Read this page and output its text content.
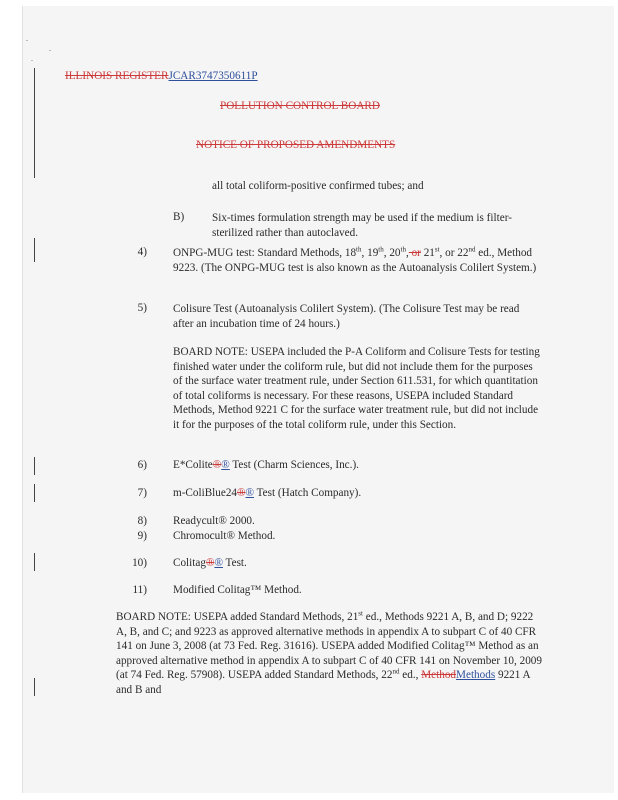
ILLINOIS REGISTERJCAR3747350611P
POLLUTION CONTROL BOARD
NOTICE OF PROPOSED AMENDMENTS
all total coliform-positive confirmed tubes; and
B) Six-times formulation strength may be used if the medium is filter-sterilized rather than autoclaved.
4) ONPG-MUG test: Standard Methods, 18th, 19th, 20th, or 21st, or 22nd ed., Method 9223. (The ONPG-MUG test is also known as the Autoanalysis Colilert System.)
5) Colisure Test (Autoanalysis Colilert System). (The Colisure Test may be read after an incubation time of 24 hours.)
BOARD NOTE: USEPA included the P-A Coliform and Colisure Tests for testing finished water under the coliform rule, but did not include them for the purposes of the surface water treatment rule, under Section 611.531, for which quantitation of total coliforms is necessary. For these reasons, USEPA included Standard Methods, Method 9221 C for the surface water treatment rule, but did not include it for the purposes of the total coliform rule, under this Section.
6) E*Colite®® Test (Charm Sciences, Inc.).
7) m-ColiBlue24®® Test (Hatch Company).
8) Readycult® 2000.
9) Chromocult® Method.
10) Colitag®® Test.
11) Modified Colitag™ Method.
BOARD NOTE: USEPA added Standard Methods, 21st ed., Methods 9221 A, B, and D; 9222 A, B, and C; and 9223 as approved alternative methods in appendix A to subpart C of 40 CFR 141 on June 3, 2008 (at 73 Fed. Reg. 31616). USEPA added Modified Colitag™ Method as an approved alternative method in appendix A to subpart C of 40 CFR 141 on November 10, 2009 (at 74 Fed. Reg. 57908). USEPA added Standard Methods, 22nd ed., MethodMethods 9221 A and B and
